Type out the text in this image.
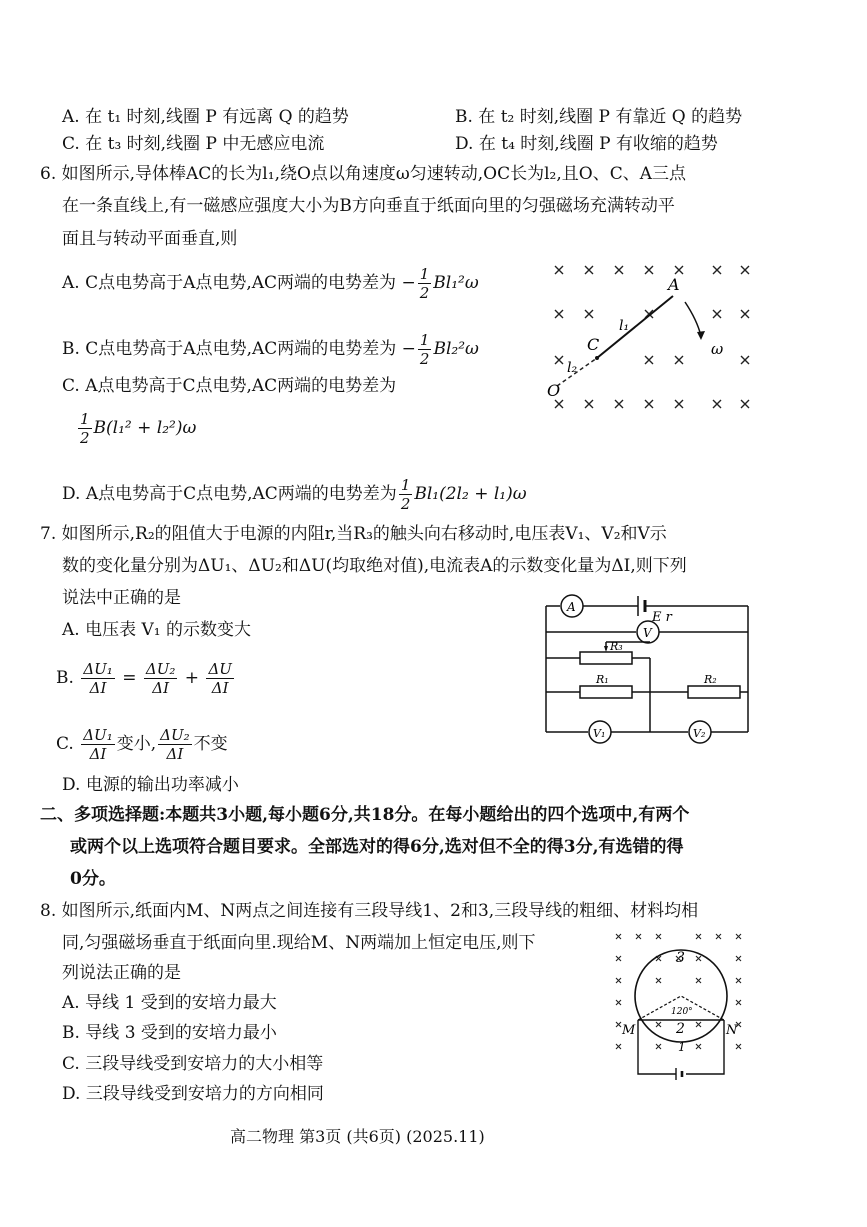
A. 在 t₁ 时刻,线圈 P 有远离 Q 的趋势	B. 在 t₂ 时刻,线圈 P 有靠近 Q 的趋势
C. 在 t₃ 时刻,线圈 P 中无感应电流	D. 在 t₄ 时刻,线圈 P 有收缩的趋势
6. 如图所示,导体棒AC的长为l₁,绕O点以角速度ω匀速转动,OC长为l₂,且O、C、A三点
在一条直线上,有一磁感应强度大小为B方向垂直于纸面向里的匀强磁场充满转动平
面且与转动平面垂直,则
A. C点电势高于A点电势,AC两端的电势差为 − $\frac{1}{2} Bl_1^2\omega$
B. C点电势高于A点电势,AC两端的电势差为 − $\frac{1}{2} Bl_2^2\omega$
C. A点电势高于C点电势,AC两端的电势差为
$\frac{1}{2} B(l_1^2 + l_2^2)\omega$
D. A点电势高于C点电势,AC两端的电势差为 $\frac{1}{2} Bl_1(2l_2 + l_1)\omega$
A
C
O
l₁
l₂
ω
7. 如图所示,R₂的阻值大于电源的内阻r,当R₃的触头向右移动时,电压表V₁、V₂和V示
数的变化量分别为ΔU₁、ΔU₂和ΔU(均取绝对值),电流表A的示数变化量为ΔI,则下列
说法中正确的是
A. 电压表 V₁ 的示数变大
B. $\frac{\text{ΔU₁}}{\Delta I} = \frac{\text{ΔU₂}}{\Delta I} + \frac{\Delta U}{\Delta I}$
C. $\frac{\text{ΔU₁}}{\Delta I}$ 变小, $\frac{\text{ΔU₂}}{\Delta I}$ 不变
D. 电源的输出功率减小
A
E r
V
R₃
R₁	R₂
V₁	V₂
二、多项选择题:本题共3小题,每小题6分,共18分。在每小题给出的四个选项中,有两个
或两个以上选项符合题目要求。全部选对的得6分,选对但不全的得3分,有选错的得
0分。
8. 如图所示,纸面内M、N两点之间连接有三段导线1、2和3,三段导线的粗细、材料均相
同,匀强磁场垂直于纸面向里.现给M、N两端加上恒定电压,则下
列说法正确的是
A. 导线 1 受到的安培力最大
B. 导线 3 受到的安培力最小
C. 三段导线受到安培力的大小相等
D. 三段导线受到安培力的方向相同
3
2
1
120°
M	N
高二物理 第3页 (共6页) (2025.11)
